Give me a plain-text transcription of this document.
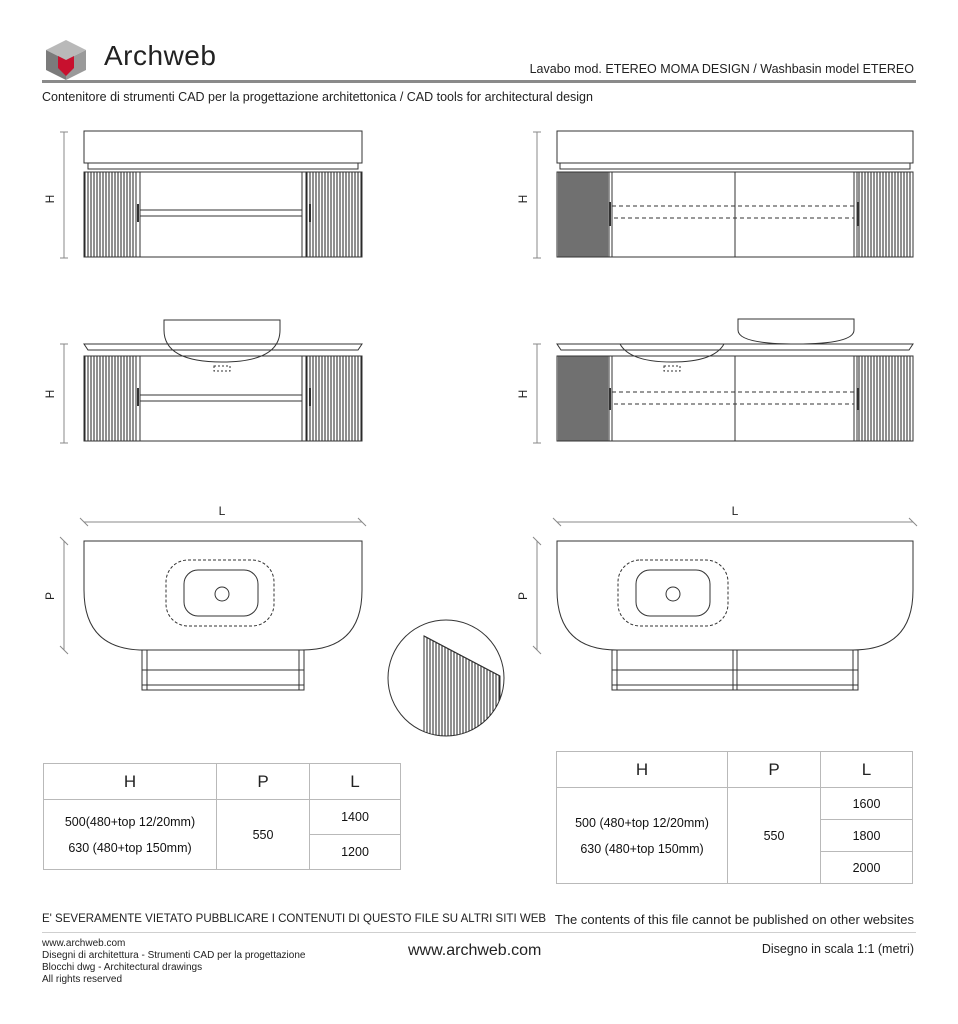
Archweb	Lavabo mod. ETEREO MOMA DESIGN / Washbasin model ETEREO
Contenitore di strumenti CAD per la progettazione architettonica / CAD tools for architectural design
H	H
H	H
L
P
L
P
H	P	L

500(480+top 12/20mm)
630 (480+top 150mm)	550	1400
		1200
H	P	L

500 (480+top 12/20mm)
630 (480+top 150mm)	550	1600
		1800
		2000
E' SEVERAMENTE VIETATO PUBBLICARE I CONTENUTI DI QUESTO FILE SU ALTRI SITI WEB The contents of this file cannot be published on other websites
www.archweb.com
Disegni di architettura - Strumenti CAD per la progettazione
Blocchi dwg - Architectural drawings
All rights reserved
www.archweb.com	Disegno in scala 1:1 (metri)
